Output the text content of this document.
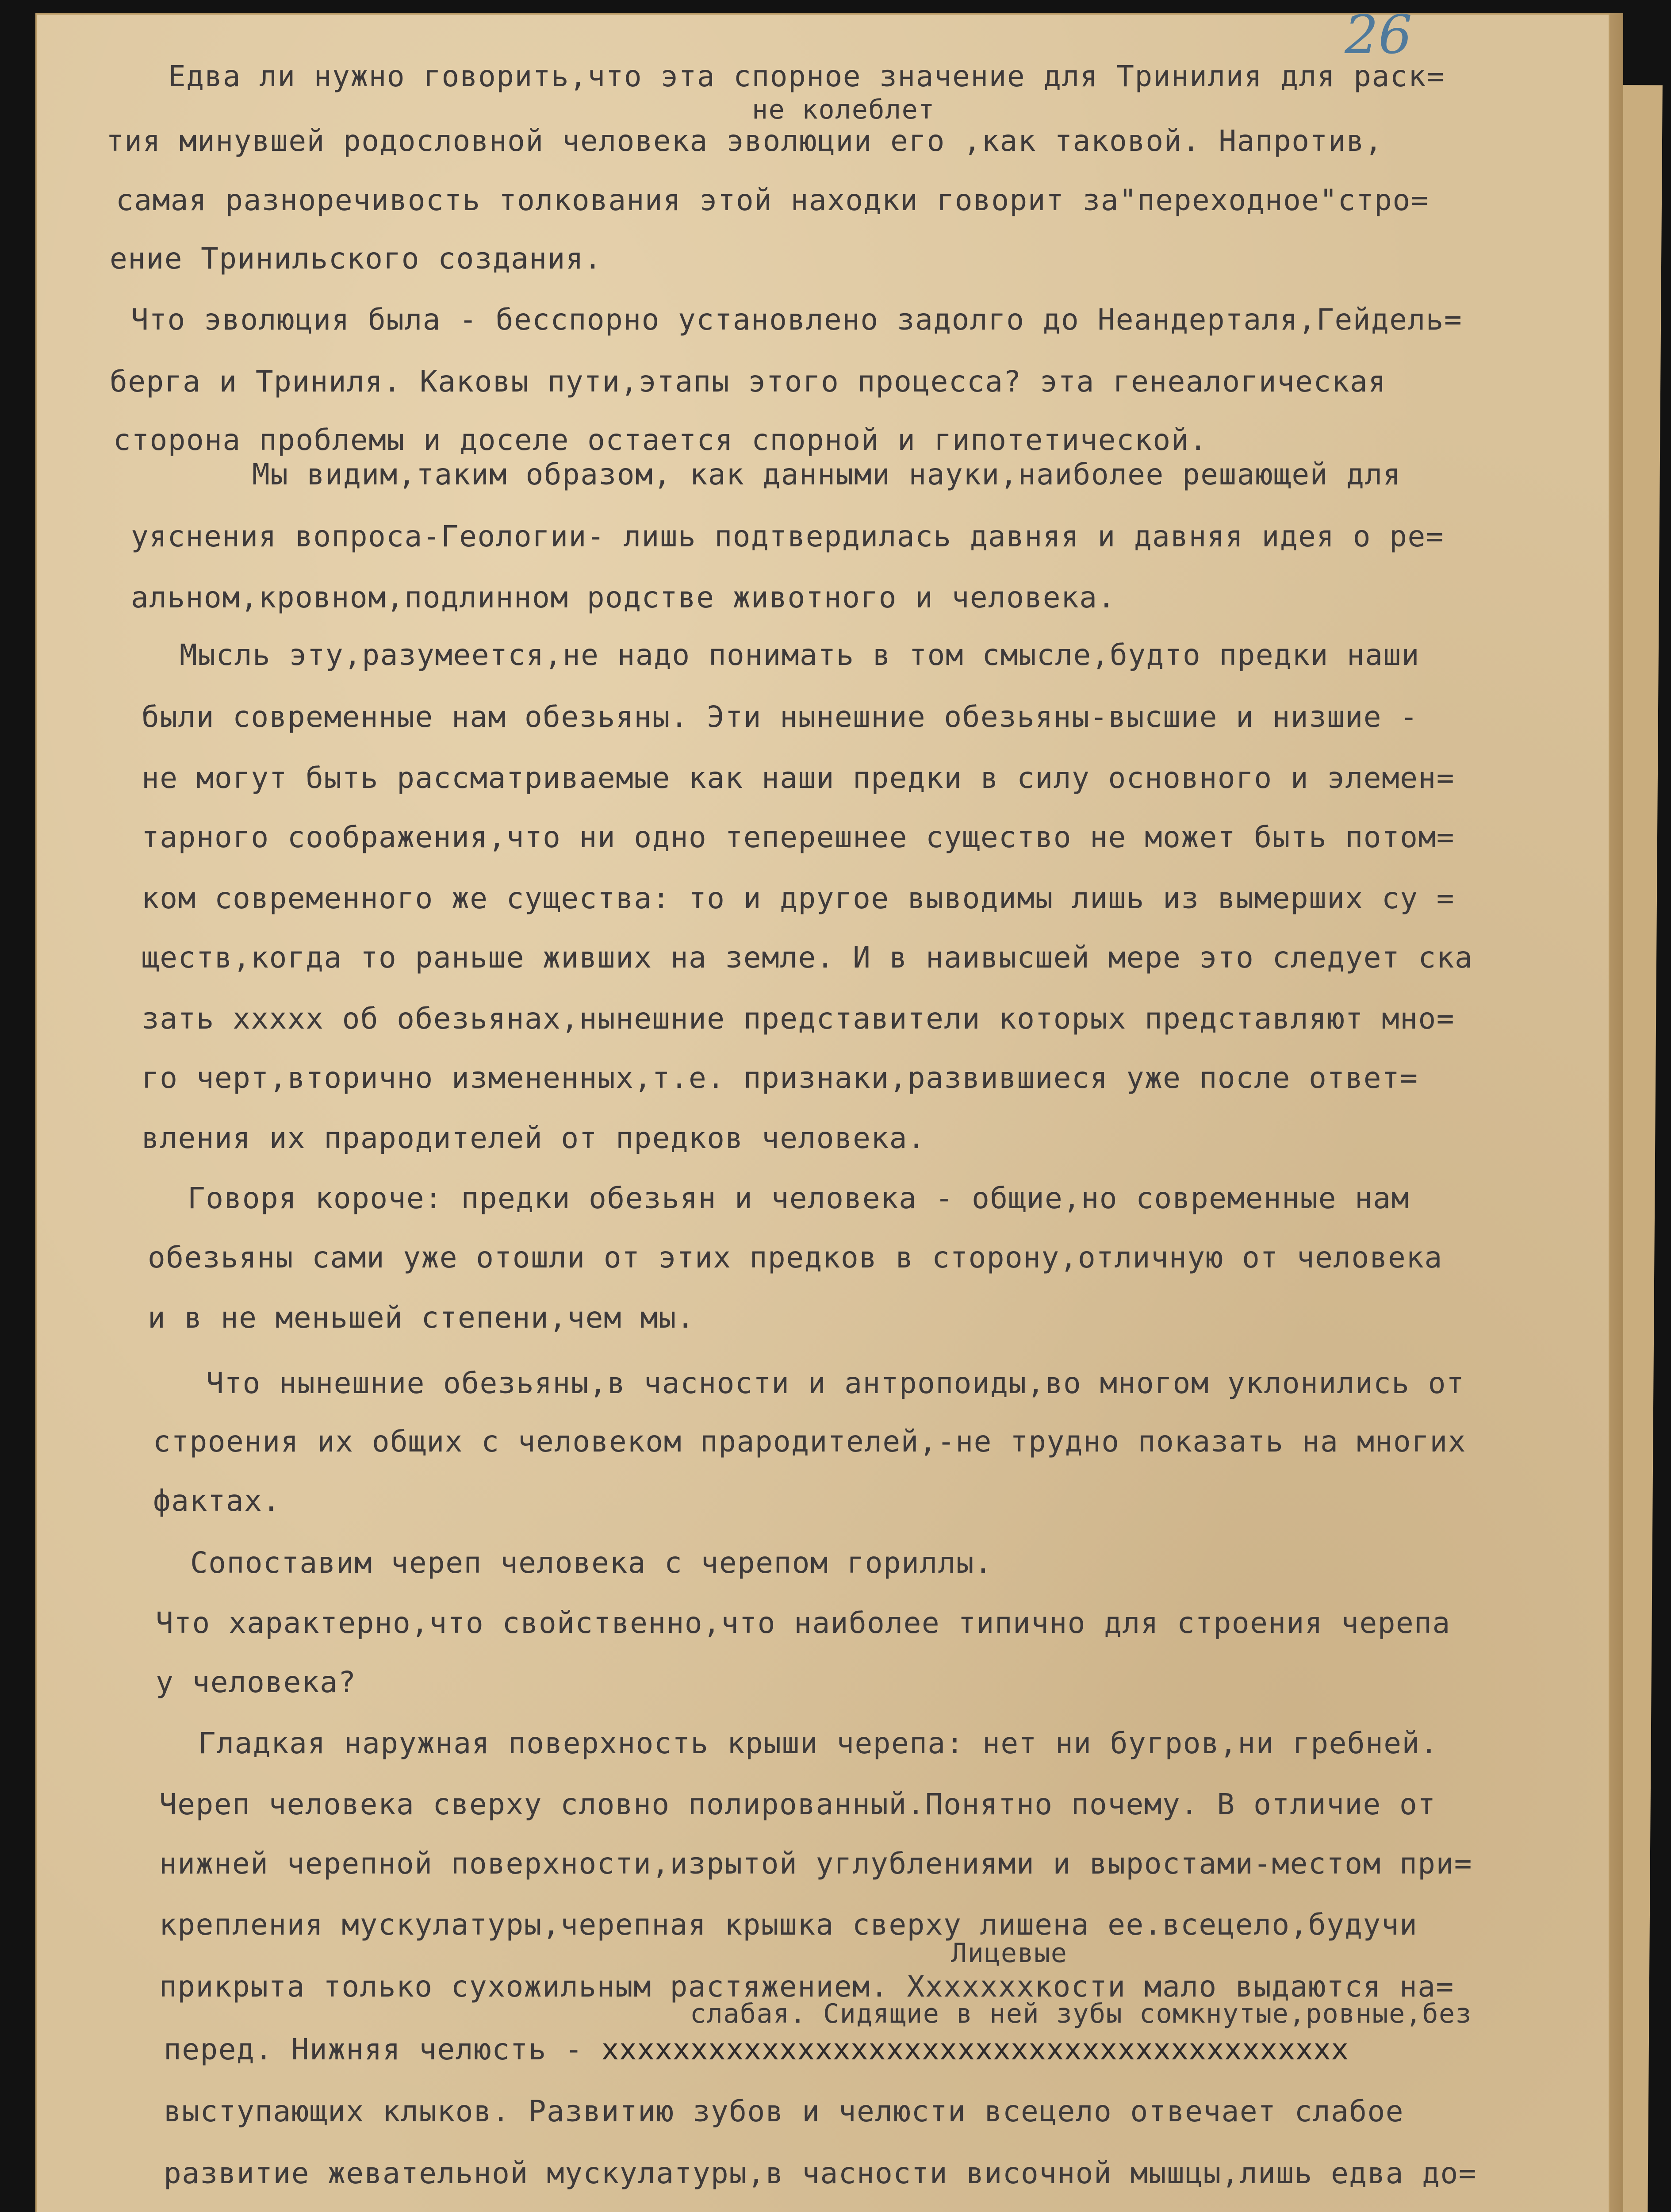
26

не колеблет

Едва ли нужно говорить,что эта спорное значение для Тринилия для раск=

тия минувшей родословной человека эволюции его ,как таковой. Напротив,

самая разноречивость толкования этой находки говорит за"переходное"стро=

ение Тринильского создания.

Что эволюция была - бесспорно установлено задолго до Неандерталя,Гейдель=

берга и Триниля. Каковы пути,этапы этого процесса? эта генеалогическая

сторона проблемы и доселе остается спорной и гипотетической.

Мы видим,таким образом, как данными науки,наиболее решающей для

уяснения вопроса-Геологии- лишь подтвердилась давняя и давняя идея о ре=

альном,кровном,подлинном родстве животного и человека.

Мысль эту,разумеется,не надо понимать в том смысле,будто предки наши

были современные нам обезьяны. Эти нынешние обезьяны-высшие и низшие -

не могут быть рассматриваемые как наши предки в силу основного и элемен=

тарного соображения,что ни одно теперешнее существо не может быть потом=

ком современного же существа: то и другое выводимы лишь из вымерших су =

ществ,когда то раньше живших на земле. И в наивысшей мере это следует ска

зать ххххх об обезьянах,нынешние представители которых представляют мно=

го черт,вторично измененных,т.е. признаки,развившиеся уже после ответ=

вления их прародителей от предков человека.

Говоря короче: предки обезьян и человека - общие,но современные нам

обезьяны сами уже отошли от этих предков в сторону,отличную от человека

и в не меньшей степени,чем мы.

Что нынешние обезьяны,в часности и антропоиды,во многом уклонились от

строения их общих с человеком прародителей,-не трудно показать на многих

фактах.

Сопоставим череп человека с черепом гориллы.

Что характерно,что свойственно,что наиболее типично для строения черепа

у человека?

Гладкая наружная поверхность крыши черепа: нет ни бугров,ни гребней.

Череп человека сверху словно полированный.Понятно почему. В отличие от

нижней черепной поверхности,изрытой углублениями и выростами-местом при=

крепления мускулатуры,черепная крышка сверху лишена ее.всецело,будучи

Лицевые

прикрыта только сухожильным растяжением. Хххххххкости мало выдаются на=

слабая. Сидящие в ней зубы сомкнутые,ровные,без

перед. Нижняя челюсть - хххххххххххххххххххххххххххххххххххххххххх

выступающих клыков. Развитию зубов и челюсти всецело отвечает слабое

развитие жевательной мускулатуры,в часности височной мышцы,лишь едва до=
